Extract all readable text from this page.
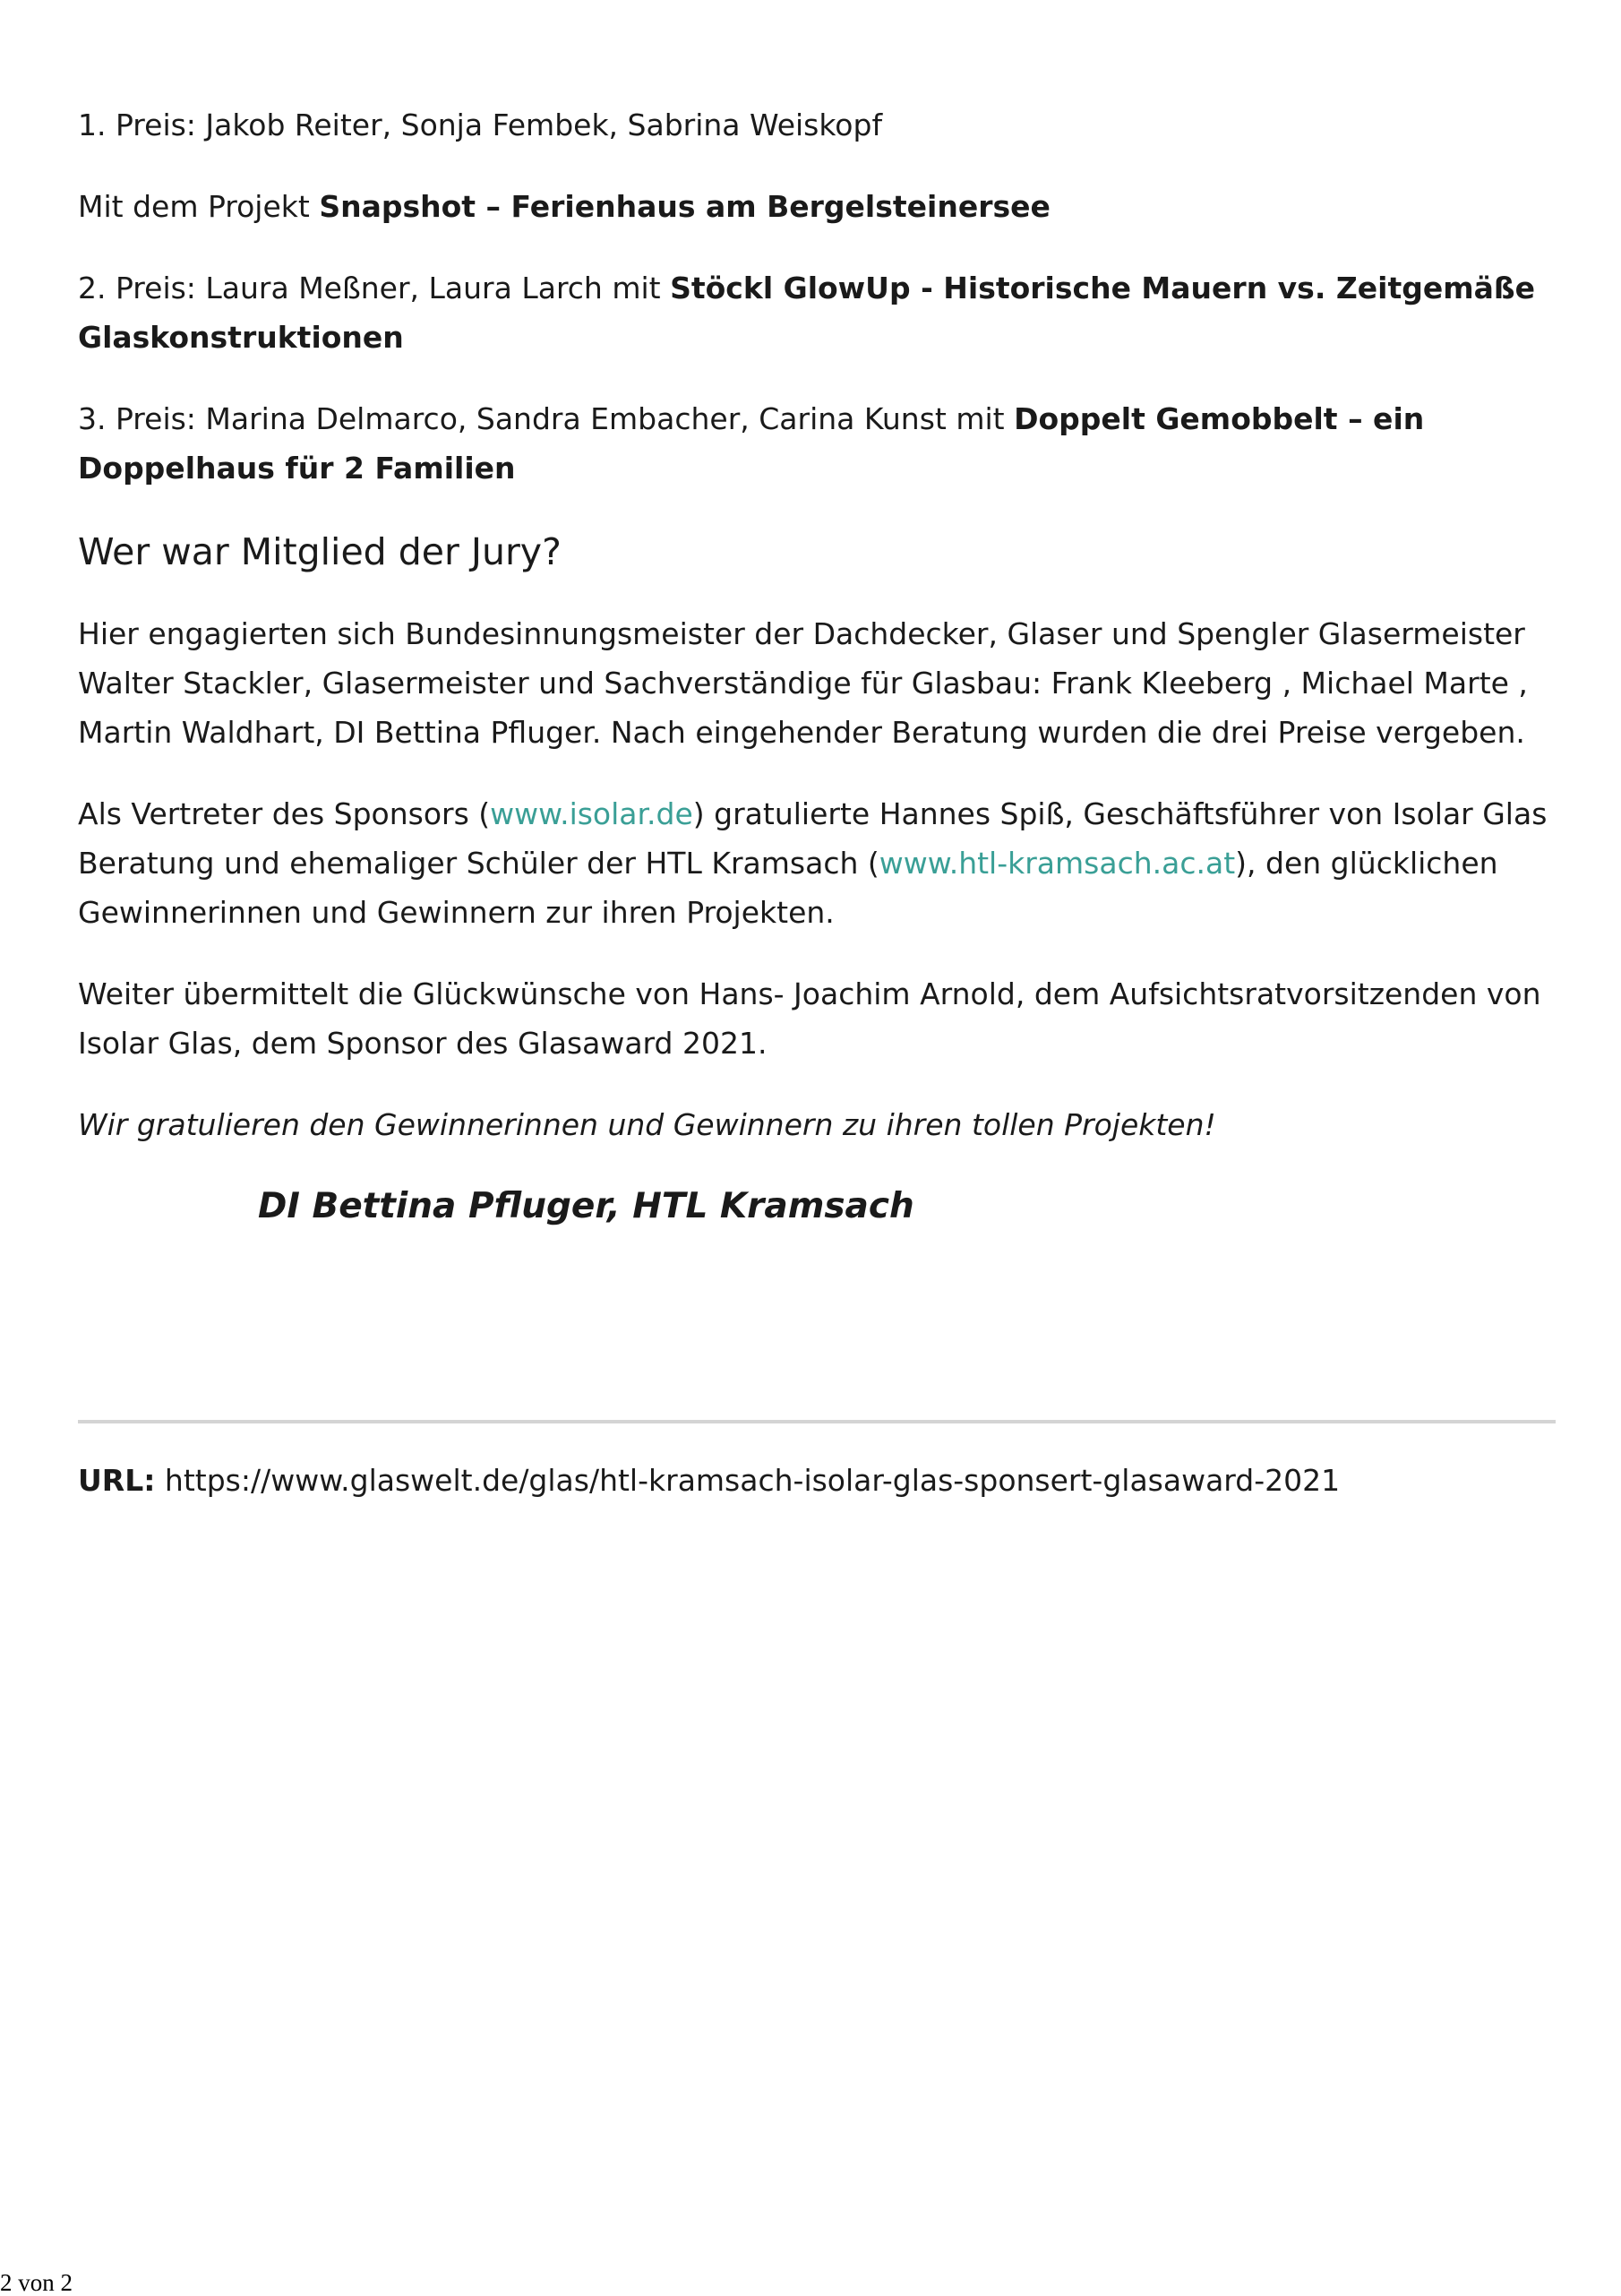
1. Preis: Jakob Reiter, Sonja Fembek, Sabrina Weiskopf

Mit dem Projekt Snapshot – Ferienhaus am Bergelsteinersee

2. Preis: Laura Meßner, Laura Larch mit Stöckl GlowUp - Historische Mauern vs. Zeitgemäße Glaskonstruktionen

3. Preis: Marina Delmarco, Sandra Embacher, Carina Kunst mit Doppelt Gemobbelt – ein Doppelhaus für 2 Familien

Wer war Mitglied der Jury?

Hier engagierten sich Bundesinnungsmeister der Dachdecker, Glaser und Spengler Glasermeister Walter Stackler, Glasermeister und Sachverständige für Glasbau: Frank Kleeberg , Michael Marte , Martin Waldhart, DI Bettina Pfluger. Nach eingehender Beratung wurden die drei Preise vergeben.

Als Vertreter des Sponsors (www.isolar.de) gratulierte Hannes Spiß, Geschäftsführer von Isolar Glas Beratung und ehemaliger Schüler der HTL Kramsach (www.htl-kramsach.ac.at), den glücklichen Gewinnerinnen und Gewinnern zur ihren Projekten.

Weiter übermittelt die Glückwünsche von Hans- Joachim Arnold, dem Aufsichtsratvorsitzenden von Isolar Glas, dem Sponsor des Glasaward 2021.

Wir gratulieren den Gewinnerinnen und Gewinnern zu ihren tollen Projekten!

DI Bettina Pfluger, HTL Kramsach

URL: https://www.glaswelt.de/glas/htl-kramsach-isolar-glas-sponsert-glasaward-2021
2 von 2
